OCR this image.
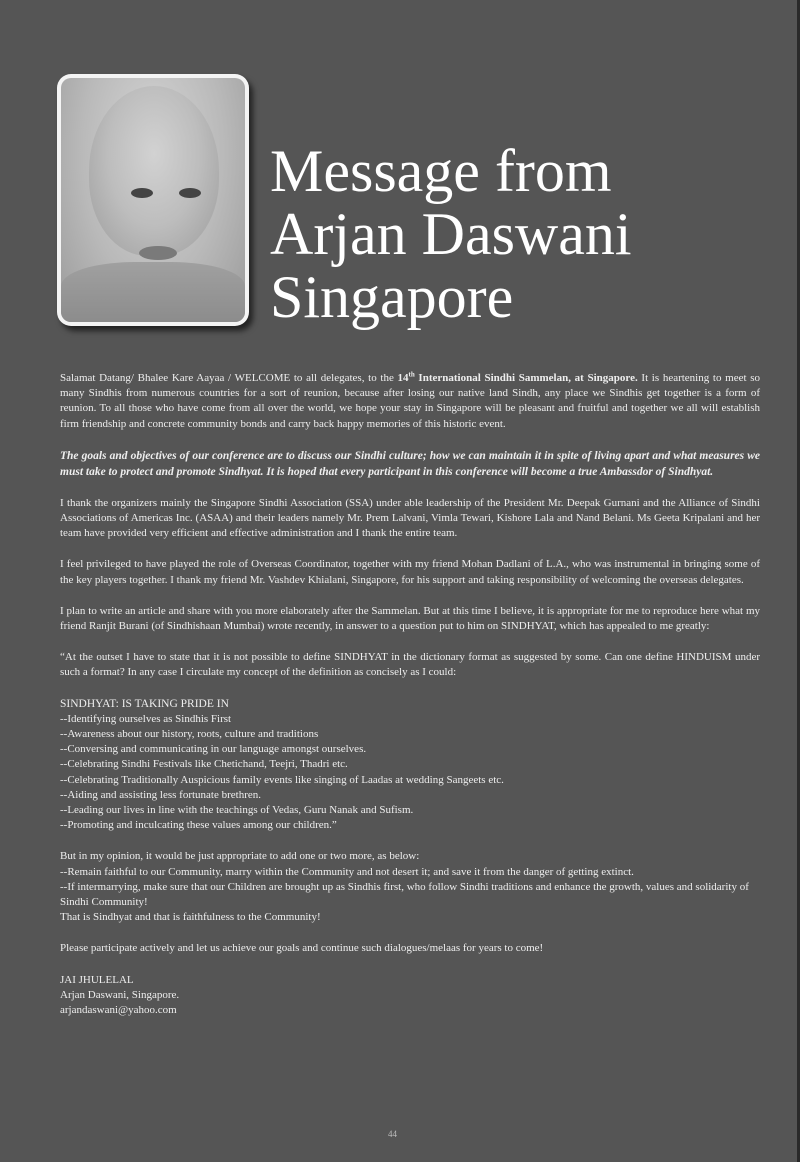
Message from
Arjan Daswani
Singapore

Salamat Datang/ Bhalee Kare Aayaa / WELCOME to all delegates, to the 14th International Sindhi Sammelan, at Singapore. It is heartening to meet so many Sindhis from numerous countries for a sort of reunion, because after losing our native land Sindh, any place we Sindhis get together is a form of reunion. To all those who have come from all over the world, we hope your stay in Singapore will be pleasant and fruitful and together we all will establish firm friendship and concrete community bonds and carry back happy memories of this historic event.

The goals and objectives of our conference are to discuss our Sindhi culture; how we can maintain it in spite of living apart and what measures we must take to protect and promote Sindhyat. It is hoped that every participant in this conference will become a true Ambassdor of Sindhyat.

I thank the organizers mainly the Singapore Sindhi Association (SSA) under able leadership of the President Mr. Deepak Gurnani and the Alliance of Sindhi Associations of Americas Inc. (ASAA) and their leaders namely Mr. Prem Lalvani, Vimla Tewari, Kishore Lala and Nand Belani. Ms Geeta Kripalani and her team have provided very efficient and effective administration and I thank the entire team.

I feel privileged to have played the role of Overseas Coordinator, together with my friend Mohan Dadlani of L.A., who was instrumental in bringing some of the key players together. I thank my friend Mr. Vashdev Khialani, Singapore, for his support and taking responsibility of welcoming the overseas delegates.

I plan to write an article and share with you more elaborately after the Sammelan. But at this time I believe, it is appropriate for me to reproduce here what my friend Ranjit Burani (of Sindhishaan Mumbai) wrote recently, in answer to a question put to him on SINDHYAT, which has appealed to me greatly:

“At the outset I have to state that it is not possible to define SINDHYAT in the dictionary format as suggested by some. Can one define HINDUISM under such a format? In any case I circulate my concept of the definition as concisely as I could:

SINDHYAT: IS TAKING PRIDE IN
--Identifying ourselves as Sindhis First
--Awareness about our history, roots, culture and traditions
--Conversing and communicating in our language amongst ourselves.
--Celebrating Sindhi Festivals like Chetichand, Teejri, Thadri etc.
--Celebrating Traditionally Auspicious family events like singing of Laadas at wedding Sangeets etc.
--Aiding and assisting less fortunate brethren.
--Leading our lives in line with the teachings of Vedas, Guru Nanak and Sufism.
--Promoting and inculcating these values among our children.”
But in my opinion, it would be just appropriate to add one or two more, as below:
--Remain faithful to our Community, marry within the Community and not desert it; and save it from the danger of getting extinct.
--If intermarrying, make sure that our Children are brought up as Sindhis first, who follow Sindhi traditions and enhance the growth, values and solidarity of Sindhi Community!
That is Sindhyat and that is faithfulness to the Community!

Please participate actively and let us achieve our goals and continue such dialogues/melaas for years to come!

JAI JHULELAL
Arjan Daswani, Singapore.
arjandaswani@yahoo.com
44
